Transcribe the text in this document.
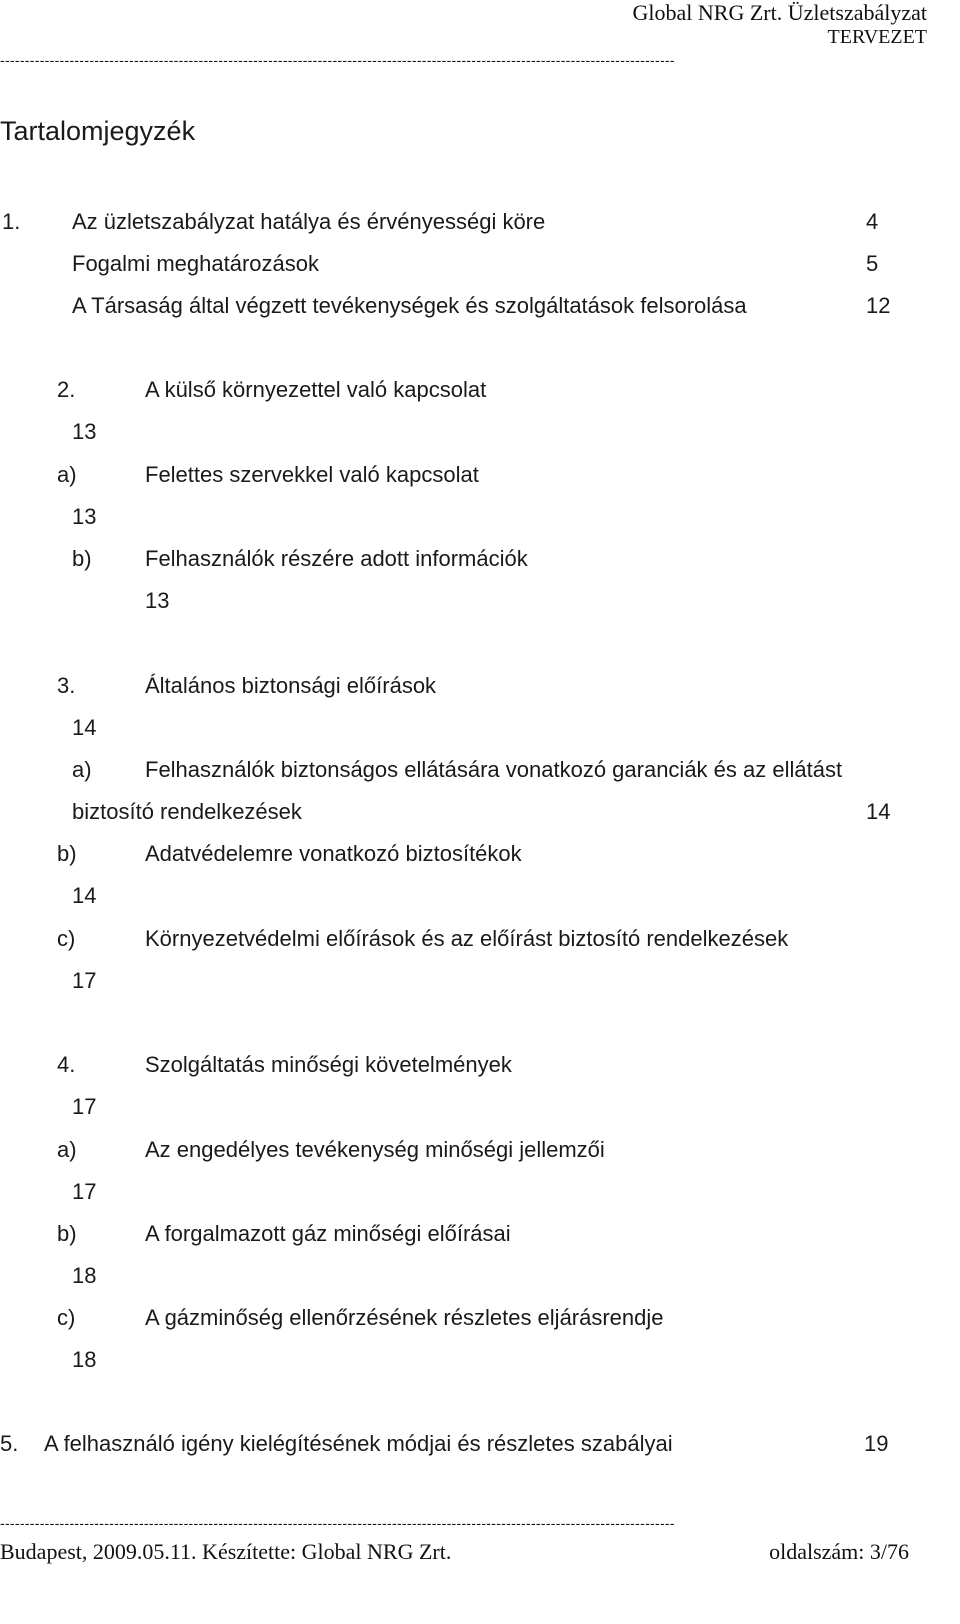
Global NRG Zrt. Üzletszabályzat
TERVEZET
----------------------------------------------------------------------------------------------------------------------------------------
Tartalomjegyzék
1. Az üzletszabályzat hatálya és érvényességi köre	4
Fogalmi meghatározások	5
A Társaság által végzett tevékenységek és szolgáltatások felsorolása	12
2.	A külső környezettel való kapcsolat
13
a)	Felettes szervekkel való kapcsolat
13
b) Felhasználók részére adott információk
13
3.	Általános biztonsági előírások
14
a) Felhasználók biztonságos ellátására vonatkozó garanciák és az ellátást
biztosító rendelkezések	14
b)	Adatvédelemre vonatkozó biztosítékok
14
c)	Környezetvédelmi előírások és az előírást biztosító rendelkezések
17
4.	Szolgáltatás minőségi követelmények
17
a)	Az engedélyes tevékenység minőségi jellemzői
17
b)	A forgalmazott gáz minőségi előírásai
18
c)	A gázminőség ellenőrzésének részletes eljárásrendje
18
5. A felhasználó igény kielégítésének módjai és részletes szabályai	19
----------------------------------------------------------------------------------------------------------------------------------------
Budapest, 2009.05.11. Készítette: Global NRG Zrt.	oldalszám: 3/76
